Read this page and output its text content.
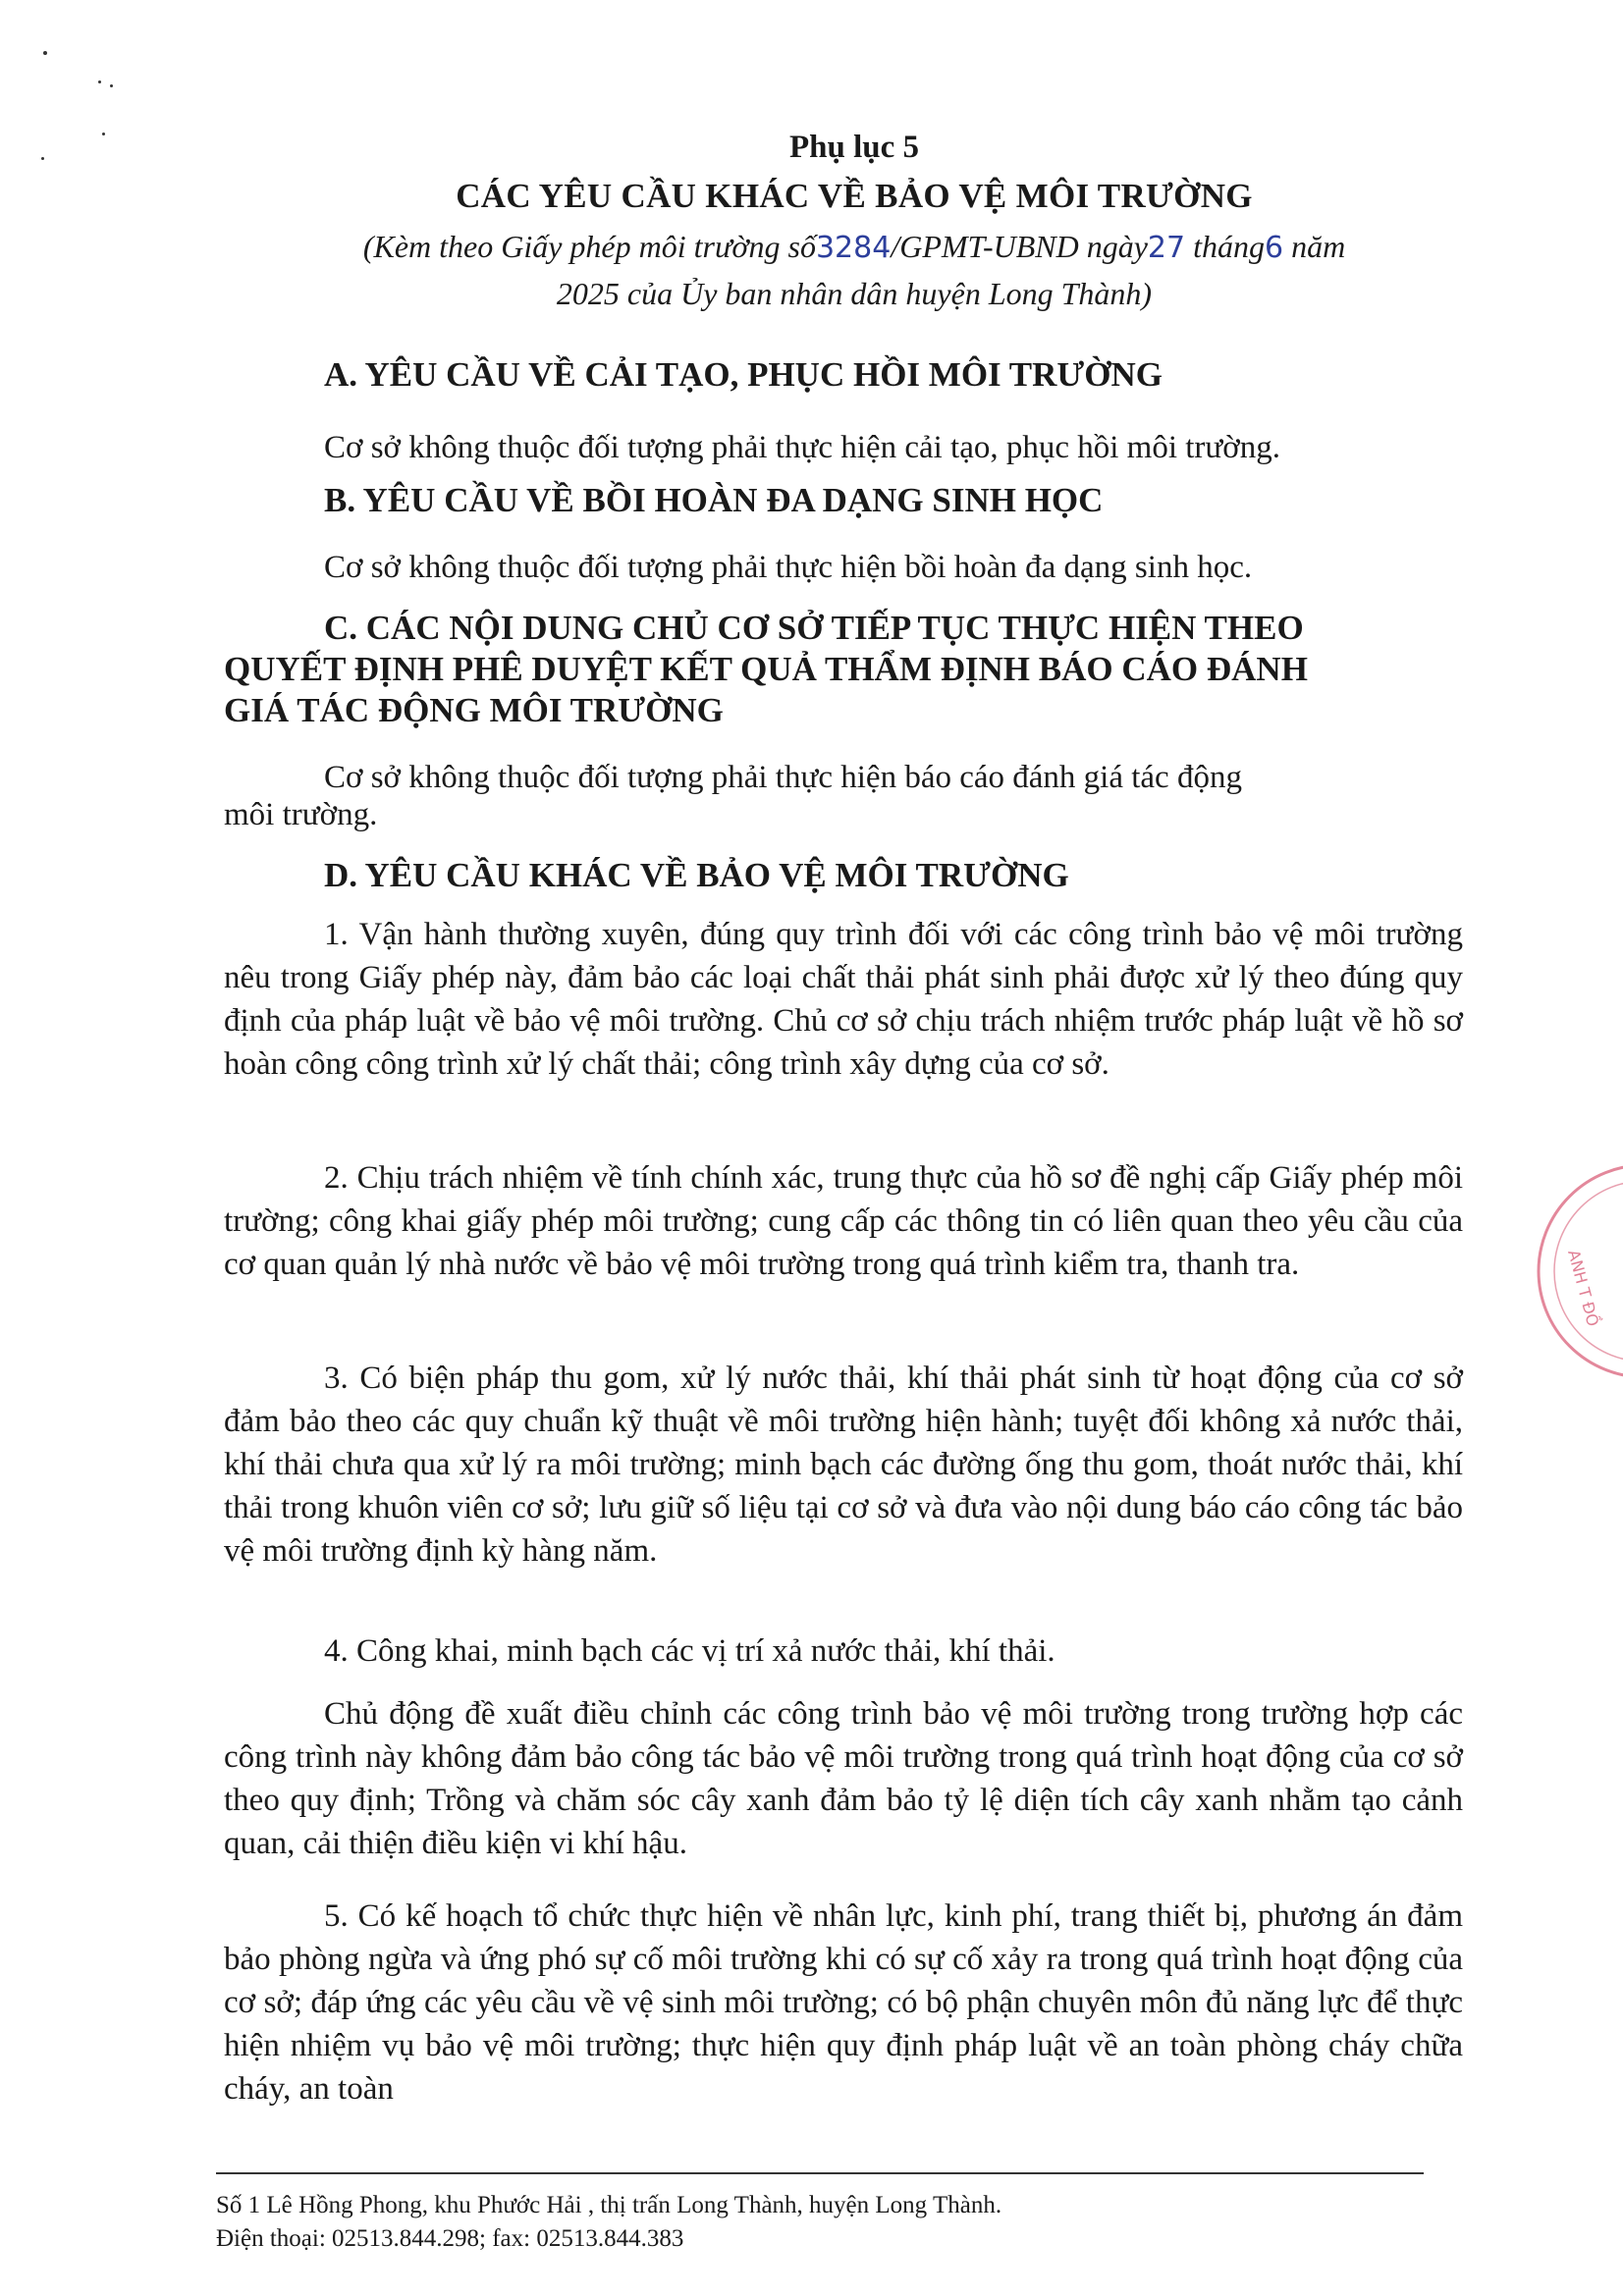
Phụ lục 5
CÁC YÊU CẦU KHÁC VỀ BẢO VỆ MÔI TRƯỜNG
(Kèm theo Giấy phép môi trường số3284/GPMT-UBND ngày27 tháng6 năm
2025 của Ủy ban nhân dân huyện Long Thành)
A. YÊU CẦU VỀ CẢI TẠO, PHỤC HỒI MÔI TRƯỜNG
Cơ sở không thuộc đối tượng phải thực hiện cải tạo, phục hồi môi trường.
B. YÊU CẦU VỀ BỒI HOÀN ĐA DẠNG SINH HỌC
Cơ sở không thuộc đối tượng phải thực hiện bồi hoàn đa dạng sinh học.
C. CÁC NỘI DUNG CHỦ CƠ SỞ TIẾP TỤC THỰC HIỆN THEO
QUYẾT ĐỊNH PHÊ DUYỆT KẾT QUẢ THẨM ĐỊNH BÁO CÁO ĐÁNH
GIÁ TÁC ĐỘNG MÔI TRƯỜNG
Cơ sở không thuộc đối tượng phải thực hiện báo cáo đánh giá tác động
môi trường.
D. YÊU CẦU KHÁC VỀ BẢO VỆ MÔI TRƯỜNG
1. Vận hành thường xuyên, đúng quy trình đối với các công trình bảo vệ môi trường nêu trong Giấy phép này, đảm bảo các loại chất thải phát sinh phải được xử lý theo đúng quy định của pháp luật về bảo vệ môi trường. Chủ cơ sở chịu trách nhiệm trước pháp luật về hồ sơ hoàn công công trình xử lý chất thải; công trình xây dựng của cơ sở.
2. Chịu trách nhiệm về tính chính xác, trung thực của hồ sơ đề nghị cấp Giấy phép môi trường; công khai giấy phép môi trường; cung cấp các thông tin có liên quan theo yêu cầu của cơ quan quản lý nhà nước về bảo vệ môi trường trong quá trình kiểm tra, thanh tra.
3. Có biện pháp thu gom, xử lý nước thải, khí thải phát sinh từ hoạt động của cơ sở đảm bảo theo các quy chuẩn kỹ thuật về môi trường hiện hành; tuyệt đối không xả nước thải, khí thải chưa qua xử lý ra môi trường; minh bạch các đường ống thu gom, thoát nước thải, khí thải trong khuôn viên cơ sở; lưu giữ số liệu tại cơ sở và đưa vào nội dung báo cáo công tác bảo vệ môi trường định kỳ hàng năm.
4. Công khai, minh bạch các vị trí xả nước thải, khí thải.
Chủ động đề xuất điều chỉnh các công trình bảo vệ môi trường trong trường hợp các công trình này không đảm bảo công tác bảo vệ môi trường trong quá trình hoạt động của cơ sở theo quy định; Trồng và chăm sóc cây xanh đảm bảo tỷ lệ diện tích cây xanh nhằm tạo cảnh quan, cải thiện điều kiện vi khí hậu.
5. Có kế hoạch tổ chức thực hiện về nhân lực, kinh phí, trang thiết bị, phương án đảm bảo phòng ngừa và ứng phó sự cố môi trường khi có sự cố xảy ra trong quá trình hoạt động của cơ sở; đáp ứng các yêu cầu về vệ sinh môi trường; có bộ phận chuyên môn đủ năng lực để thực hiện nhiệm vụ bảo vệ môi trường; thực hiện quy định pháp luật về an toàn phòng cháy chữa cháy, an toàn
ANH T ĐỒ
Số 1 Lê Hồng Phong, khu Phước Hải , thị trấn Long Thành, huyện Long Thành.
Điện thoại: 02513.844.298; fax: 02513.844.383
